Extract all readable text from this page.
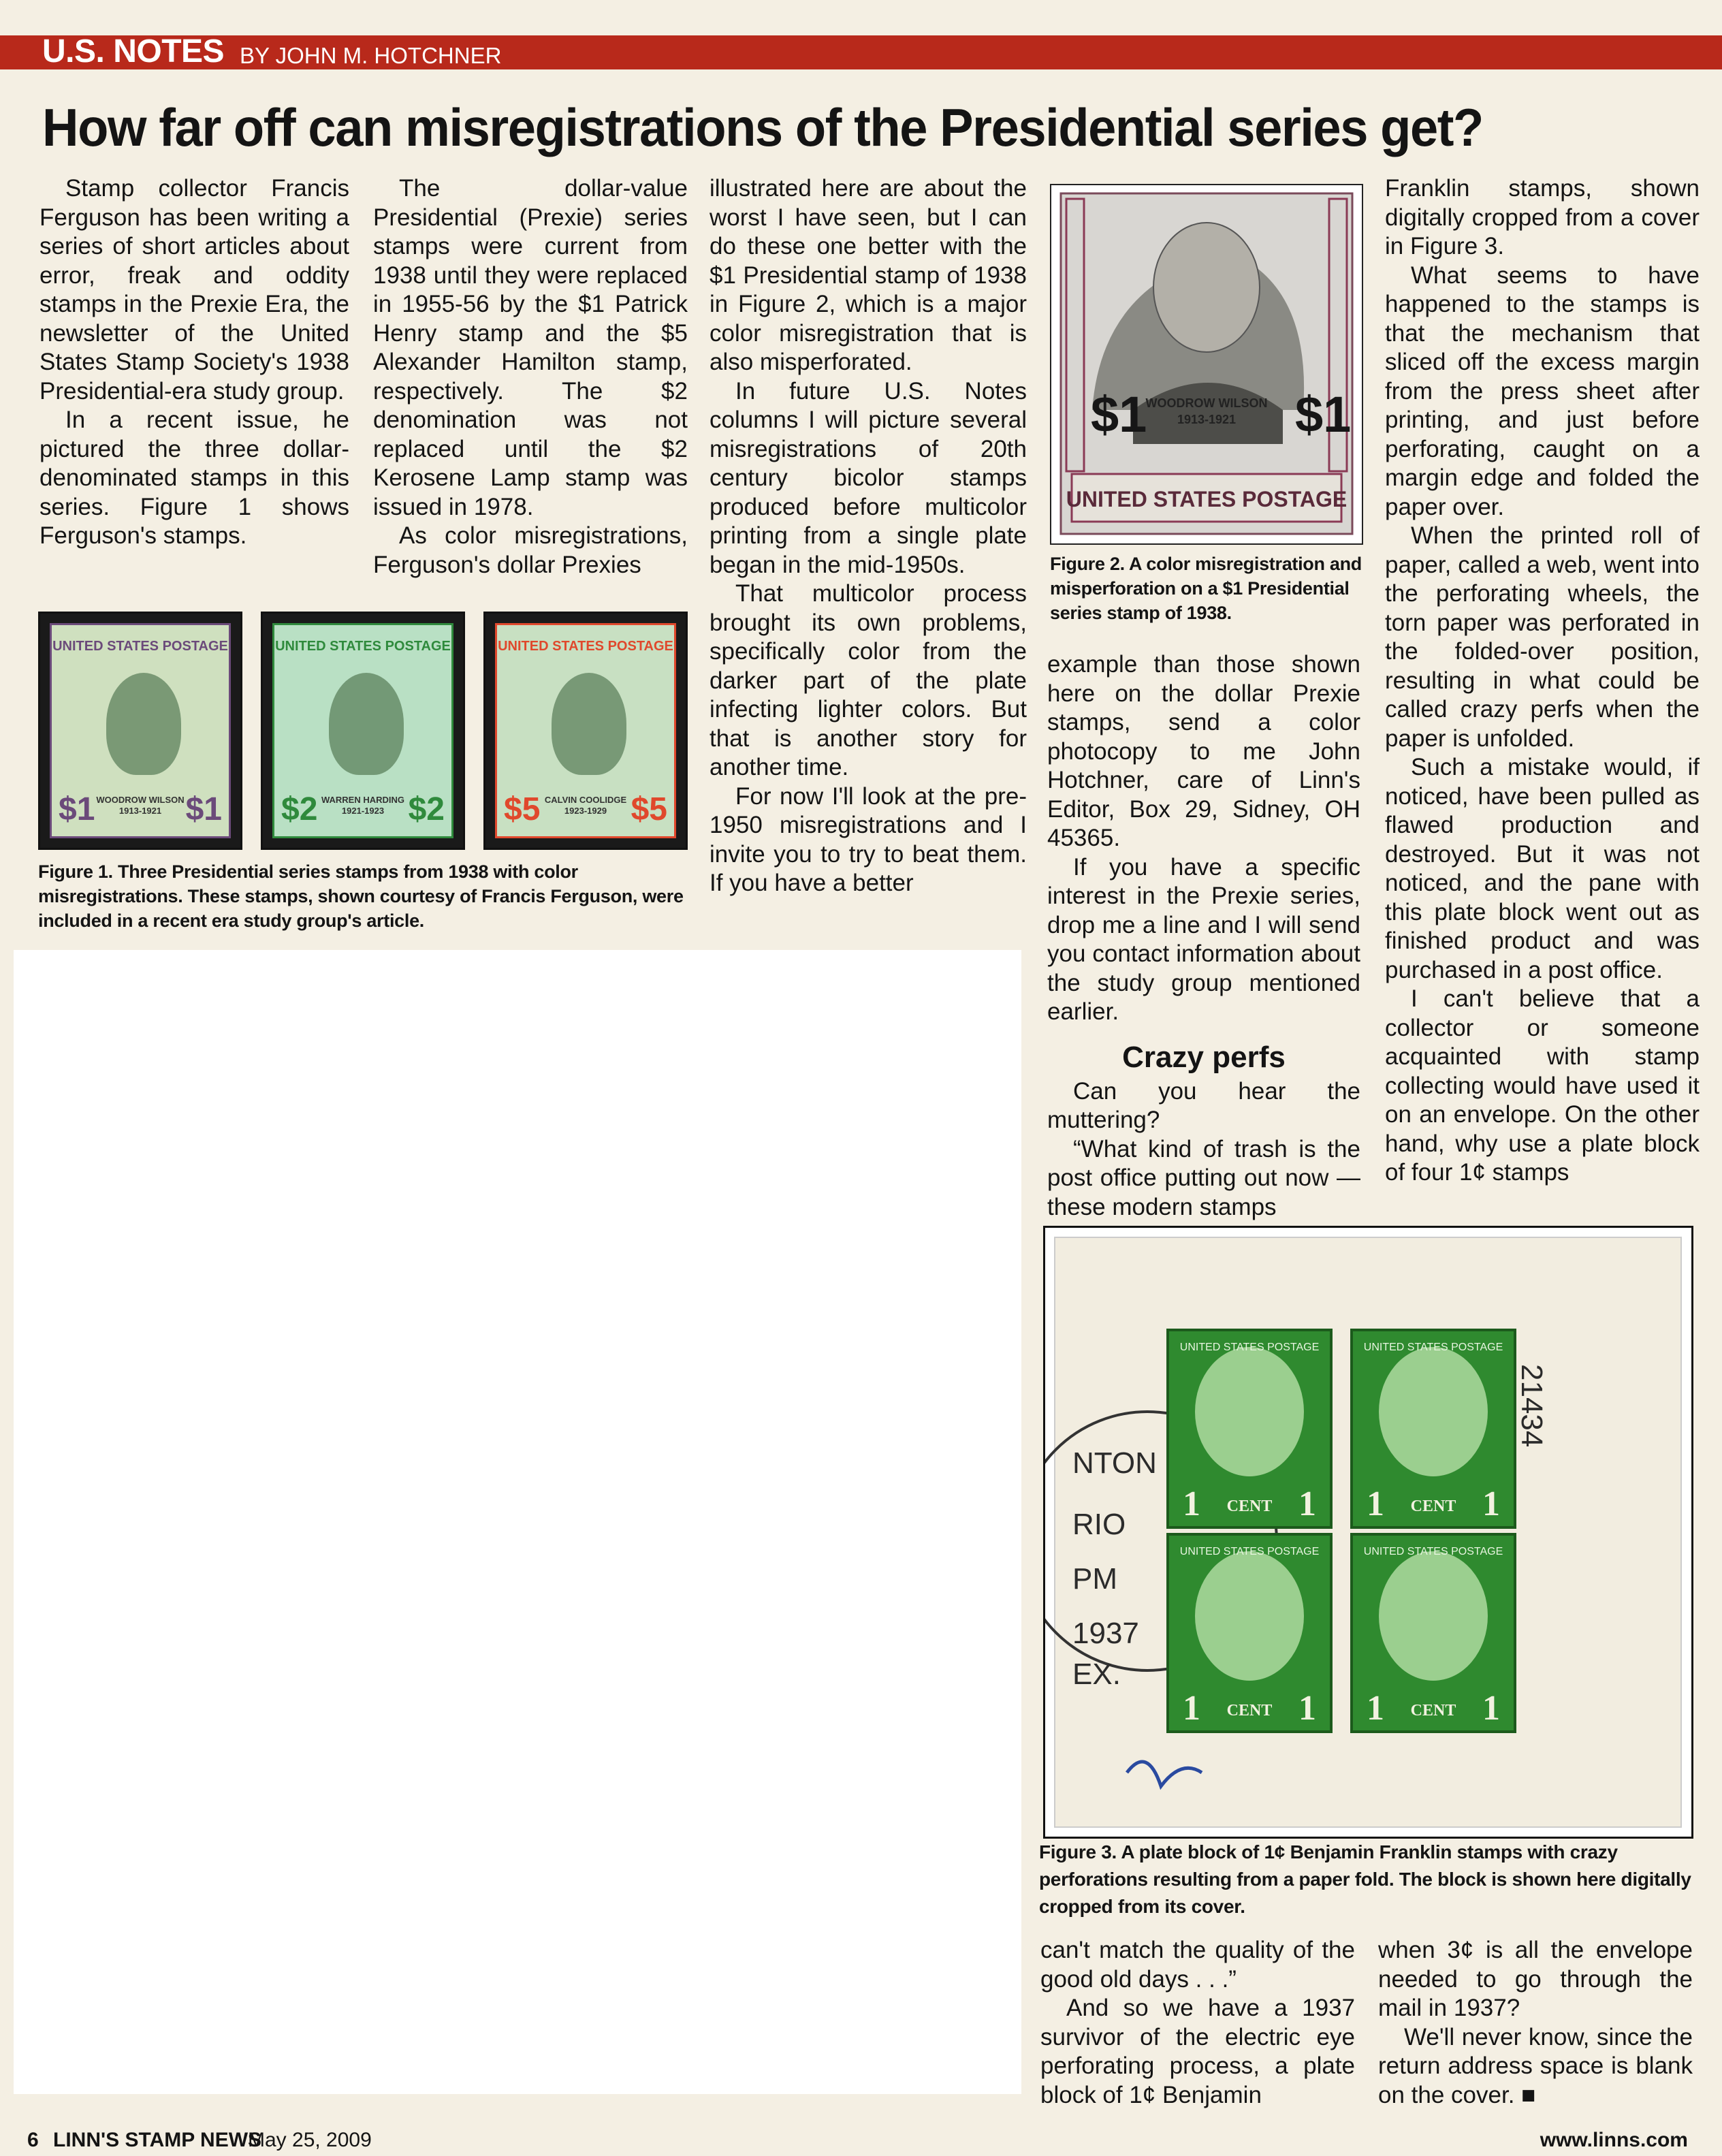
U.S. NOTES BY JOHN M. HOTCHNER
How far off can misregistrations of the Presidential series get?

Stamp collector Francis Ferguson has been writing a series of short articles about error, freak and oddity stamps in the Prexie Era, the newsletter of the United States Stamp Society's 1938 Presidential-era study group.

In a recent issue, he pictured the three dollar-denominated stamps in this series. Figure 1 shows Ferguson's stamps.

The dollar-value Presidential (Prexie) series stamps were current from 1938 until they were replaced in 1955-56 by the $1 Patrick Henry stamp and the $5 Alexander Hamilton stamp, respectively. The $2 denomination was not replaced until the $2 Kerosene Lamp stamp was issued in 1978.

As color misregistrations, Ferguson's dollar Prexies

UNITED STATES POSTAGE
WOODROW WILSON
1913-1921
$1	$1
UNITED STATES POSTAGE
WARREN HARDING
1921-1923
$2	$2
UNITED STATES POSTAGE
CALVIN COOLIDGE
1923-1929
$5	$5
Figure 1. Three Presidential series stamps from 1938 with color misregistrations. These stamps, shown courtesy of Francis Ferguson, were included in a recent era study group's article.

illustrated here are about the worst I have seen, but I can do these one better with the $1 Presidential stamp of 1938 in Figure 2, which is a major color misregistration that is also misperforated.

In future U.S. Notes columns I will picture several misregistrations of 20th century bicolor stamps produced before multicolor printing from a single plate began in the mid-1950s.

That multicolor process brought its own problems, specifically color from the darker part of the plate infecting lighter colors. But that is another story for another time.

For now I'll look at the pre-1950 misregistrations and I invite you to try to beat them. If you have a better

$1	$1
WOODROW WILSON
1913-1921
UNITED STATES POSTAGE
Figure 2. A color misregistration and misperforation on a $1 Presidential series stamp of 1938.

example than those shown here on the dollar Prexie stamps, send a color photocopy to me John Hotchner, care of Linn's Editor, Box 29, Sidney, OH 45365.

If you have a specific interest in the Prexie series, drop me a line and I will send you contact information about the study group mentioned earlier.

Crazy perfs

Can you hear the muttering?

“What kind of trash is the post office putting out now — these modern stamps

Franklin stamps, shown digitally cropped from a cover in Figure 3.

What seems to have happened to the stamps is that the mechanism that sliced off the excess margin from the press sheet after printing, and just before perforating, caught on a margin edge and folded the paper over.

When the printed roll of paper, called a web, went into the perforating wheels, the torn paper was perforated in the folded-over position, resulting in what could be called crazy perfs when the paper is unfolded.

Such a mistake would, if noticed, have been pulled as flawed production and destroyed. But it was not noticed, and the pane with this plate block went out as finished product and was purchased in a post office.

I can't believe that a collector or someone acquainted with stamp collecting would have used it on an envelope. On the other hand, why use a plate block of four 1¢ stamps

NTON
RIO
PM
1937
EX.
UNITED STATES POSTAGE
1	1
CENT
UNITED STATES POSTAGE
1	1
CENT
UNITED STATES POSTAGE
1	1
CENT
UNITED STATES POSTAGE
1	1
CENT
21434
Figure 3. A plate block of 1¢ Benjamin Franklin stamps with crazy perforations resulting from a paper fold. The block is shown here digitally cropped from its cover.

can't match the quality of the good old days . . .”

And so we have a 1937 survivor of the electric eye perforating process, a plate block of 1¢ Benjamin

when 3¢ is all the envelope needed to go through the mail in 1937?

We'll never know, since the return address space is blank on the cover. ■

6 LINN'S STAMP NEWS
May 25, 2009	www.linns.com
